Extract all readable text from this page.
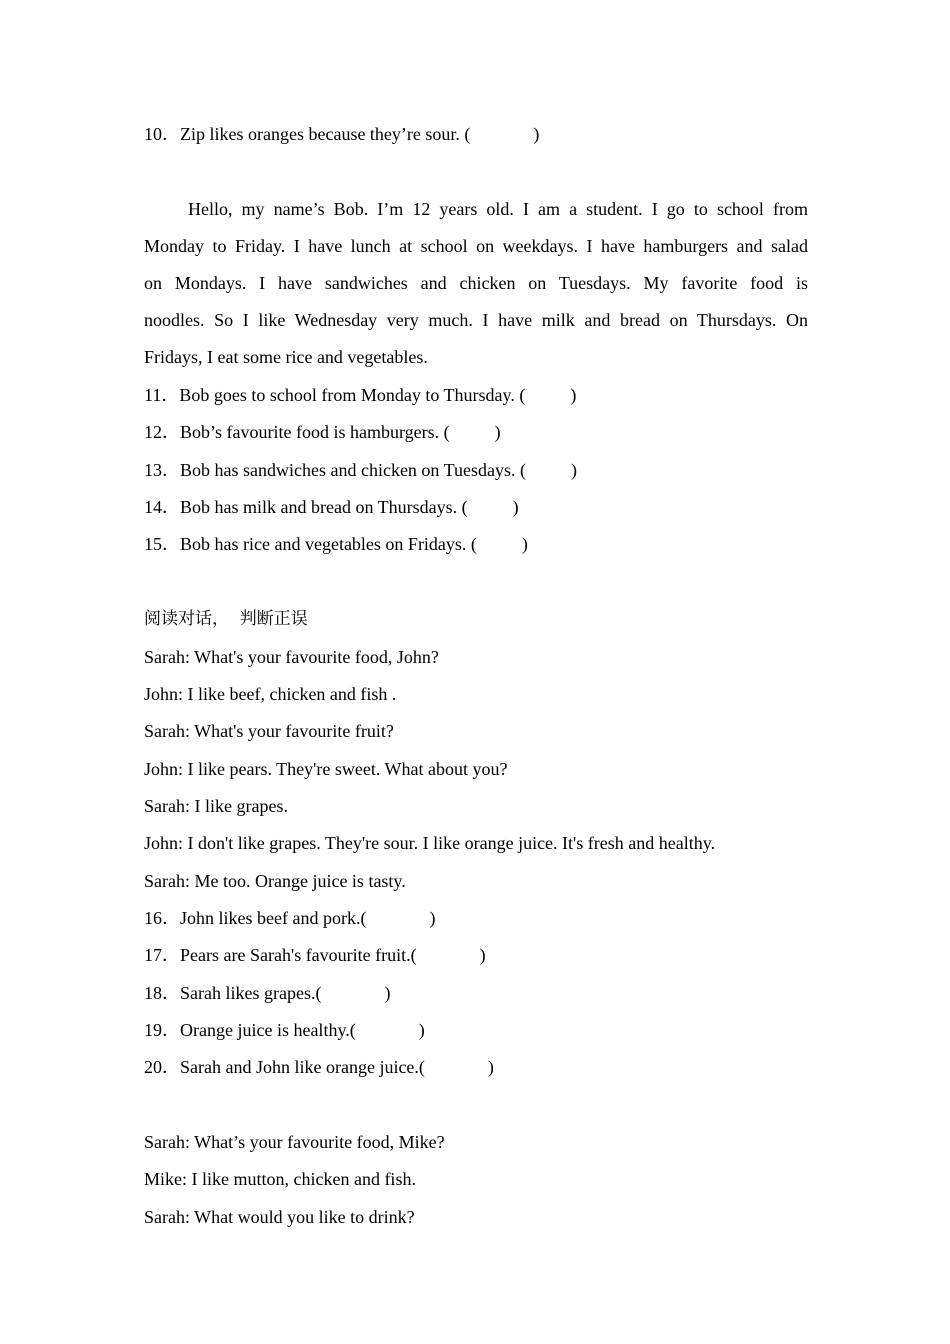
10．Zip likes oranges because they’re sour. (	)
Hello, my name’s Bob. I’m 12 years old. I am a student. I go to school from
Monday to Friday. I have lunch at school on weekdays. I have hamburgers and salad
on Mondays. I have sandwiches and chicken on Tuesdays. My favorite food is
noodles. So I like Wednesday very much. I have milk and bread on Thursdays. On
Fridays, I eat some rice and vegetables.
11．Bob goes to school from Monday to Thursday. (	)
12．Bob’s favourite food is hamburgers. (	)
13．Bob has sandwiches and chicken on Tuesdays. (	)
14．Bob has milk and bread on Thursdays. (	)
15．Bob has rice and vegetables on Fridays. (	)
阅读对话，  判断正误
Sarah: What's your favourite food, John?
John: I like beef, chicken and fish .
Sarah: What's your favourite fruit?
John: I like pears. They're sweet. What about you?
Sarah: I like grapes.
John: I don't like grapes. They're sour. I like orange juice. It's fresh and healthy.
Sarah: Me too. Orange juice is tasty.
16．John likes beef and pork.(	)
17．Pears are Sarah's favourite fruit.(	)
18．Sarah likes grapes.(	)
19．Orange juice is healthy.(	)
20．Sarah and John like orange juice.(	)
Sarah: What’s your favourite food, Mike?
Mike: I like mutton, chicken and fish.
Sarah: What would you like to drink?
